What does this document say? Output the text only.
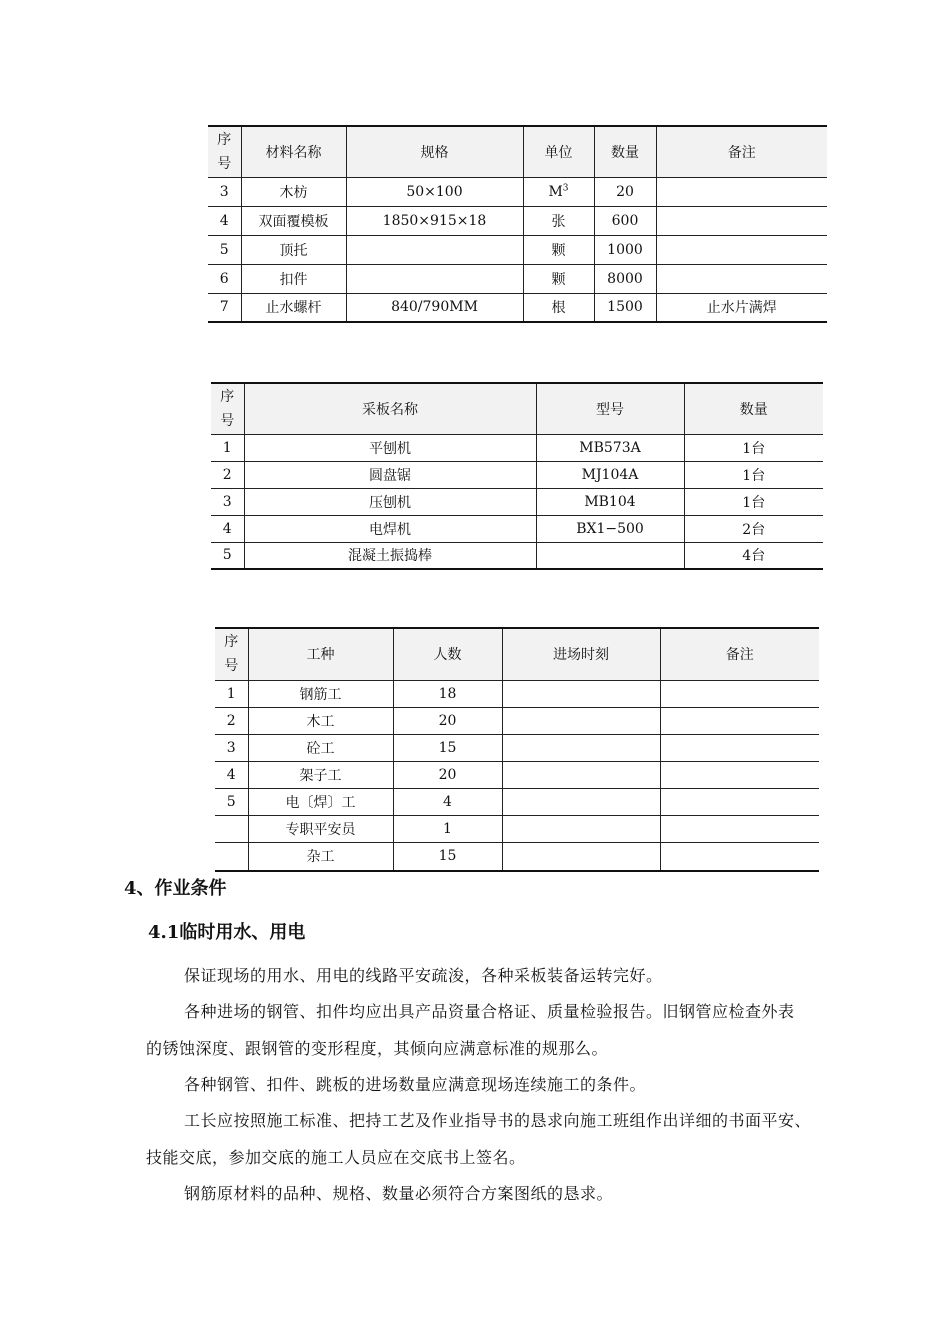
序号	材料名称	规格	单位	数量	备注
3	木枋	50×100	$M^3$	20	
4	双面覆模板	1850×915×18	张	600	
5	顶托		颗	1000	
6	扣件		颗	8000	
7	止水螺杆	840/790MM	根	1500	止水片满焊
序号	采板名称	型号	数量
1	平刨机	MB573A	1台
2	圆盘锯	MJ104A	1台
3	压刨机	MB104	1台
4	电焊机	BX1−500	2台
5	混凝土振捣棒		4台
序号	工种	人数	进场时刻	备注
1	钢筋工	18		
2	木工	20		
3	砼工	15		
4	架子工	20		
5	电〔焊〕工	4		
	专职平安员	1		
	杂工	15		
4、作业条件
4.1临时用水、用电
保证现场的用水、用电的线路平安疏浚，各种采板装备运转完好。
各种进场的钢管、扣件均应出具产品资量合格证、质量检验报告。旧钢管应检查外表
的锈蚀深度、跟钢管的变形程度，其倾向应满意标准的规那么。
各种钢管、扣件、跳板的进场数量应满意现场连续施工的条件。
工长应按照施工标准、把持工艺及作业指导书的恳求向施工班组作出详细的书面平安、
技能交底，参加交底的施工人员应在交底书上签名。
钢筋原材料的品种、规格、数量必须符合方案图纸的恳求。
